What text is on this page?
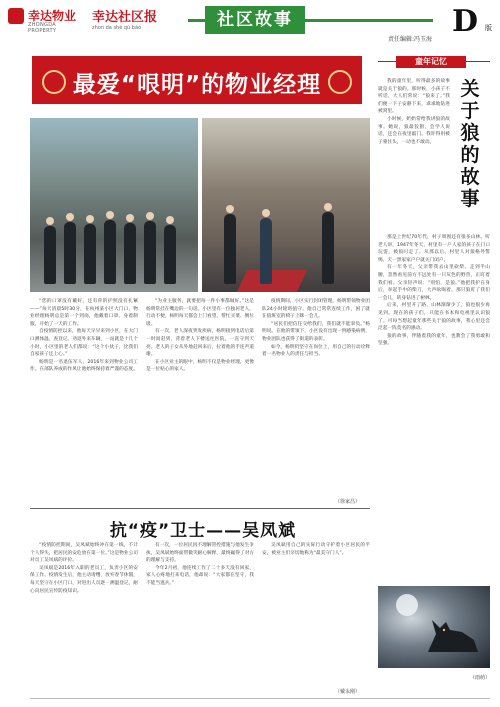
幸达物业
ZHONGDA PROPERTY
幸达社区报
zhon da shè qū bào	社区故事	D 版
责任编辑:冯玉海
最爱“哏明”的物业经理

“您的口罩没有戴好，还有你的护照没有扎紧——”每天清晨5时30分，在杭州某小区大门口，物业经理杨明总是第一个到岗，他戴着口罩、身着制服，开始了一天的工作。

自疫情防控以来，他每天早早来到小区，在大门口测体温、查登记、劝返外来车辆，一站就是十几个小时。小区里的老人们都说：“这个小伙子，比我们自家孩子还上心。”

杨明是一名退伍军人，2016年来到物业公司工作。在部队养成的作风让他始终保持着严谨的态度。

“为业主服务，就要把每一件小事都做好。”这是杨明常挂在嘴边的一句话。小区里有一位独居老人，行动不便，杨明每天都会上门看望，帮忙买菜、倒垃圾。

有一次，老人深夜突发疾病，杨明接到电话后第一时间赶到，背着老人下楼送往医院，一直守到天亮。老人的子女从外地赶回来后，拉着他的手连声道谢。

在小区业主的眼中，杨明不仅是物业经理，更像是一位贴心的家人。

疫情期间，小区实行封闭管理，杨明带领物业团队24小时轮班值守。他自己常常连续工作，困了就在值班室的椅子上眯一会儿。

“居民们把信任交给我们，我们就不能辜负。”杨明说。在他的带领下，小区没有出现一例感染病例，物业团队也获得了街道的表彰。

如今，杨明仍坚守在岗位上，用自己的行动诠释着一名物业人的责任与担当。

（徐家昌）
抗“疫”卫士——吴凤斌

“疫情防控期间，吴凤斌始终冲在第一线，不计个人得失，把居民的安危放在第一位。”这是物业公司对员工吴凤斌的评价。

吴凤斌是2016年入职的老员工，负责小区的安保工作。疫情发生后，他主动请缨，放弃春节休假，每天坚守在小区门口，对进出人员逐一测温登记，耐心向居民宣传防疫知识。

有一次，一位居民因不理解管控措施与他发生争执，吴凤斌始终面带微笑耐心解释，最终赢得了对方的理解与支持。

今年2月初，他连续工作了二十多天没有回家，家人心疼地打来电话，他却说：“大家都在坚守，我不能当逃兵。”

吴凤斌用自己的实际行动守护着小区居民的平安，被业主们亲切地称为“最美守门人”。

（戴永刚）
童年记忆
关
于
狼
的
故
事

我的童年里，听得最多的故事就是关于狼的。那时候，小孩子不听话，大人们常说：“狼来了。”我们便一下子安静下来，乖乖地钻进被窝里。

小时候，奶奶常给我讲狼的故事。她说，狼最狡猾，会学人说话，还会在夜里敲门。我吓得用被子蒙住头，一动也不敢动。

那是上世纪70年代，村子周围还有很多山林。听老人讲，1947年冬天，村里有一户人家的孩子在门口玩耍，被狼叼走了。从那以后，村里人对狼格外警惕，天一黑家家户户就关门闭户。

有一年冬天，父亲带我去山里砍柴。走到半山腰，忽然看见前方不远处有一只灰色的野兽，正盯着我们看。父亲轻声说：“别怕，是狼。”他把我护在身后，举起手中的柴刀，大声吆喝着。那只狼盯了我们一会儿，转身钻进了树林。

后来，村里开了路，山林渐渐少了，狼也很少再见到。现在的孩子们，只能在书本和电视里认识狼了。可每当想起童年那些关于狼的故事，我心里还会泛起一阵莫名的感动。

狼的故事，伴随着我的童年，也教会了我勇敢和坚强。

（雨萌）
